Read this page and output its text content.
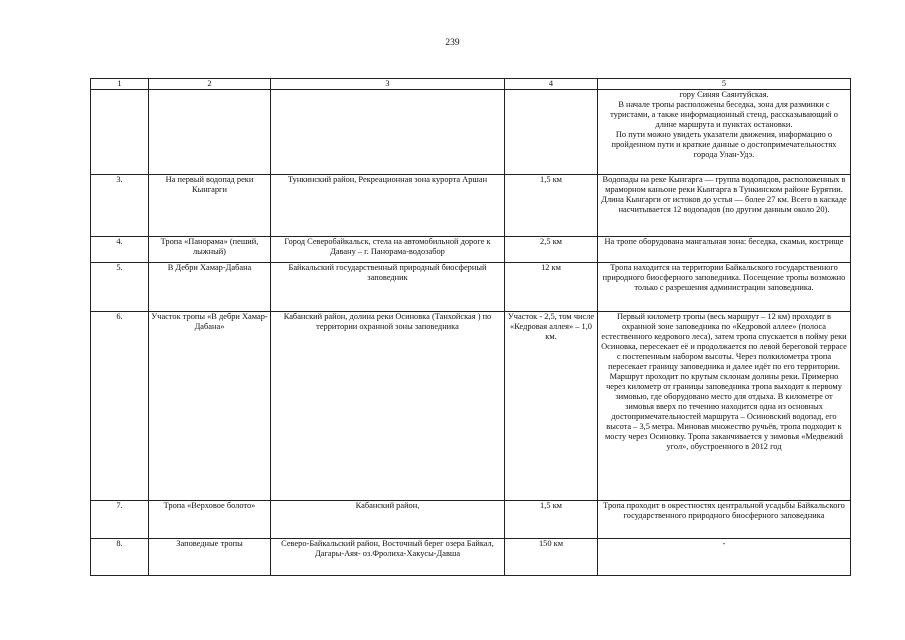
239
1	2	3	4	5
				гору Синяя Саянтуйская.
В начале тропы расположены беседка, зона для разминки с туристами, а также информационный стенд, рассказывающий о длине маршрута и пунктах остановки.
По пути можно увидеть указатели движения, информацию о пройденном пути и краткие данные о достопримечательностях города Улан-Удэ.
3.	На первый водопад реки Кынгарги	Тункинский район, Рекреационная зона курорта Аршан	1,5 км	Водопады на реке Кынгарга — группа водопадов, расположенных в мраморном каньоне реки Кынгарга в Тункинском районе Бурятии. Длина Кынгарги от истоков до устья — более 27 км. Всего в каскаде насчитывается 12 водопадов (по другим данным около 20).
4.	Тропа «Панорама» (пеший, лыжный)	Город Северобайкальск, стела на автомобильной дороге к Давану – г. Панорама-водозабор	2,5 км	На тропе оборудована мангальная зона: беседка, скамьи, кострище
5.	В Дебри Хамар-Дабана	Байкальский государственный природный биосферный заповедник	12 км	Тропа находится на территории Байкальского государственного природного биосферного заповедника. Посещение тропы возможно только с разрешения администрации заповедника.
6.	Участок тропы «В дебри Хамар-Дабана»	Кабанский район, долина реки Осиновка (Танхойская ) по территории охранной зоны заповедника	Участок - 2,5, том числе «Кедровая аллея» – 1,0 км.	Первый километр тропы (весь маршрут – 12 км) проходит в охранной зоне заповедника по «Кедровой аллее» (полоса естественного кедрового леса), затем тропа спускается в пойму реки Осиновка, пересекает её и продолжается по левой береговой террасе с постепенным набором высоты. Через полкилометра тропа пересекает границу заповедника и далее идёт по его территории. Маршрут проходит по крутым склонам долины реки. Примерно через километр от границы заповедника тропа выходит к первому зимовью, где оборудовано место для отдыха. В километре от зимовья вверх по течению находится одна из основных достопримечательностей маршрута – Осиновский водопад, его высота – 3,5 метра. Миновав множество ручьёв, тропа подходит к мосту через Осиновку. Тропа заканчивается у зимовья «Медвежий угол», обустроенного в 2012 год
7.	Тропа «Верховое болото»	Кабанский район,	1,5 км	Тропа проходит в окрестностях центральной усадьбы Байкальского государственного природного биосферного заповедника
8.	Заповедные тропы	Северо-Байкальский район, Восточный берег озера Байкал, Дагары-Аяя- оз.Фролиха-Хакусы-Давша	150 км	-
